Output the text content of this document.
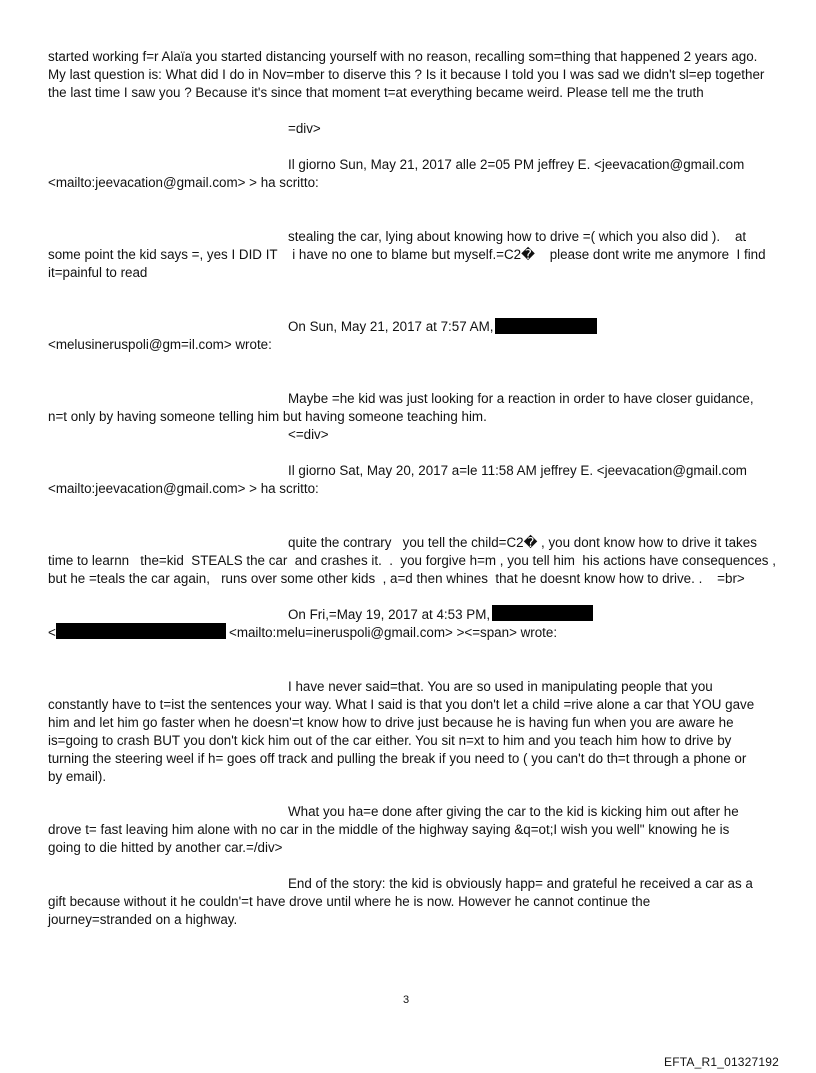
started working f=r Alaïa you started distancing yourself with no reason, recalling som=thing that happened 2 years ago.

My last question is: What did I do in Nov=mber to diserve this ? Is it because I told you I was sad we didn't sl=ep together

the last time I saw you ? Because it's since that moment t=at everything became weird. Please tell me the truth

=div>

Il giorno Sun, May 21, 2017 alle 2=05 PM jeffrey E. <jeevacation@gmail.com

<mailto:jeevacation@gmail.com> > ha scritto:

stealing the car, lying about knowing how to drive =( which you also did ).    at

some point the kid says =, yes I DID IT    i have no one to blame but myself.=C2�    please dont write me anymore  I find

it=painful to read

On Sun, May 21, 2017 at 7:57 AM,

<melusineruspoli@gm=il.com> wrote:

Maybe =he kid was just looking for a reaction in order to have closer guidance,

n=t only by having someone telling him but having someone teaching him.

<=div>

Il giorno Sat, May 20, 2017 a=le 11:58 AM jeffrey E. <jeevacation@gmail.com

<mailto:jeevacation@gmail.com> > ha scritto:

quite the contrary   you tell the child=C2� , you dont know how to drive it takes

time to learnn   the=kid  STEALS the car  and crashes it.  .  you forgive h=m , you tell him  his actions have consequences ,

but he =teals the car again,   runs over some other kids  , a=d then whines  that he doesnt know how to drive. .    =br>

On Fri,=May 19, 2017 at 4:53 PM,

<	<mailto:melu=ineruspoli@gmail.com> ><=span> wrote:

I have never said=that. You are so used in manipulating people that you

constantly have to t=ist the sentences your way. What I said is that you don't let a child =rive alone a car that YOU gave

him and let him go faster when he doesn'=t know how to drive just because he is having fun when you are aware he

is=going to crash BUT you don't kick him out of the car either. You sit n=xt to him and you teach him how to drive by

turning the steering weel if h= goes off track and pulling the break if you need to ( you can't do th=t through a phone or

by email).

What you ha=e done after giving the car to the kid is kicking him out after he

drove t= fast leaving him alone with no car in the middle of the highway saying &q=ot;I wish you well" knowing he is

going to die hitted by another car.=/div>

End of the story: the kid is obviously happ= and grateful he received a car as a

gift because without it he couldn'=t have drove until where he is now. However he cannot continue the

journey=stranded on a highway.

3
EFTA_R1_01327192
